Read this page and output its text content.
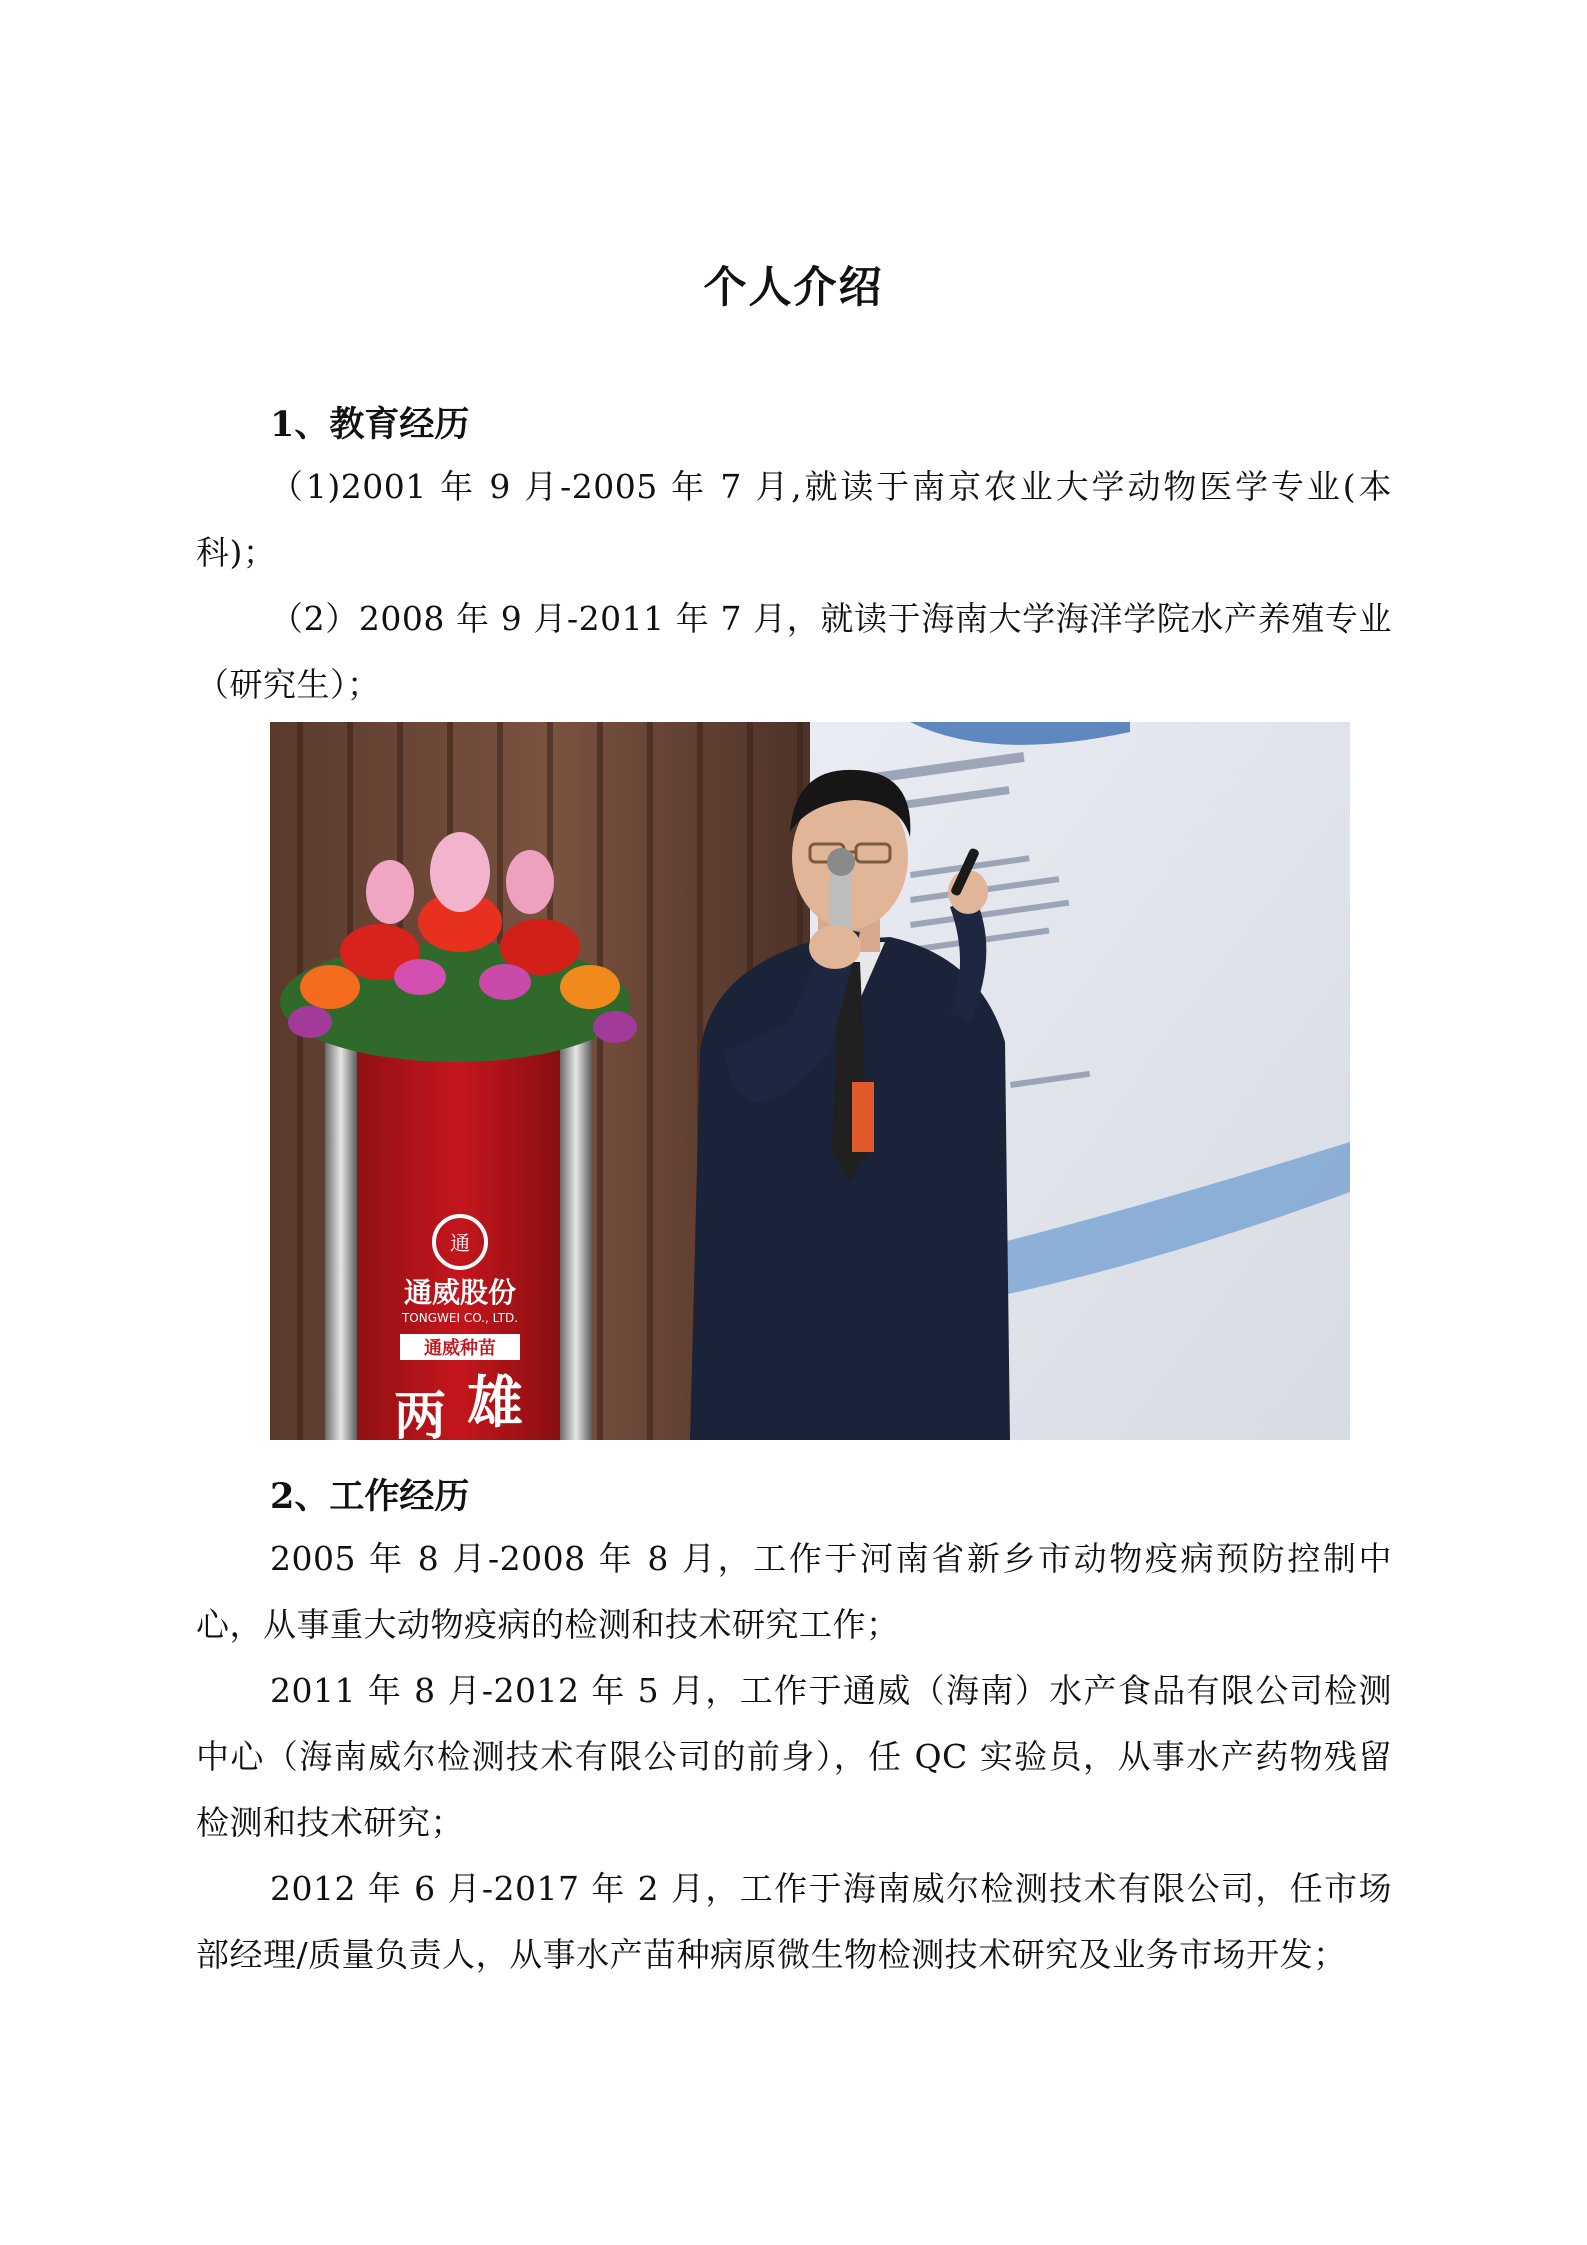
个人介绍
1、教育经历

（1)2001 年 9 月-2005 年 7 月,就读于南京农业大学动物医学专业(本科)；

（2）2008 年 9 月-2011 年 7 月，就读于海南大学海洋学院水产养殖专业（研究生）；

通
通威股份
TONGWEI CO., LTD.
通威种苗
雄
两
2、工作经历

2005 年 8 月-2008 年 8 月，工作于河南省新乡市动物疫病预防控制中心，从事重大动物疫病的检测和技术研究工作；

2011 年 8 月-2012 年 5 月，工作于通威（海南）水产食品有限公司检测中心（海南威尔检测技术有限公司的前身），任 QC 实验员，从事水产药物残留检测和技术研究；

2012 年 6 月-2017 年 2 月，工作于海南威尔检测技术有限公司，任市场部经理/质量负责人，从事水产苗种病原微生物检测技术研究及业务市场开发；
